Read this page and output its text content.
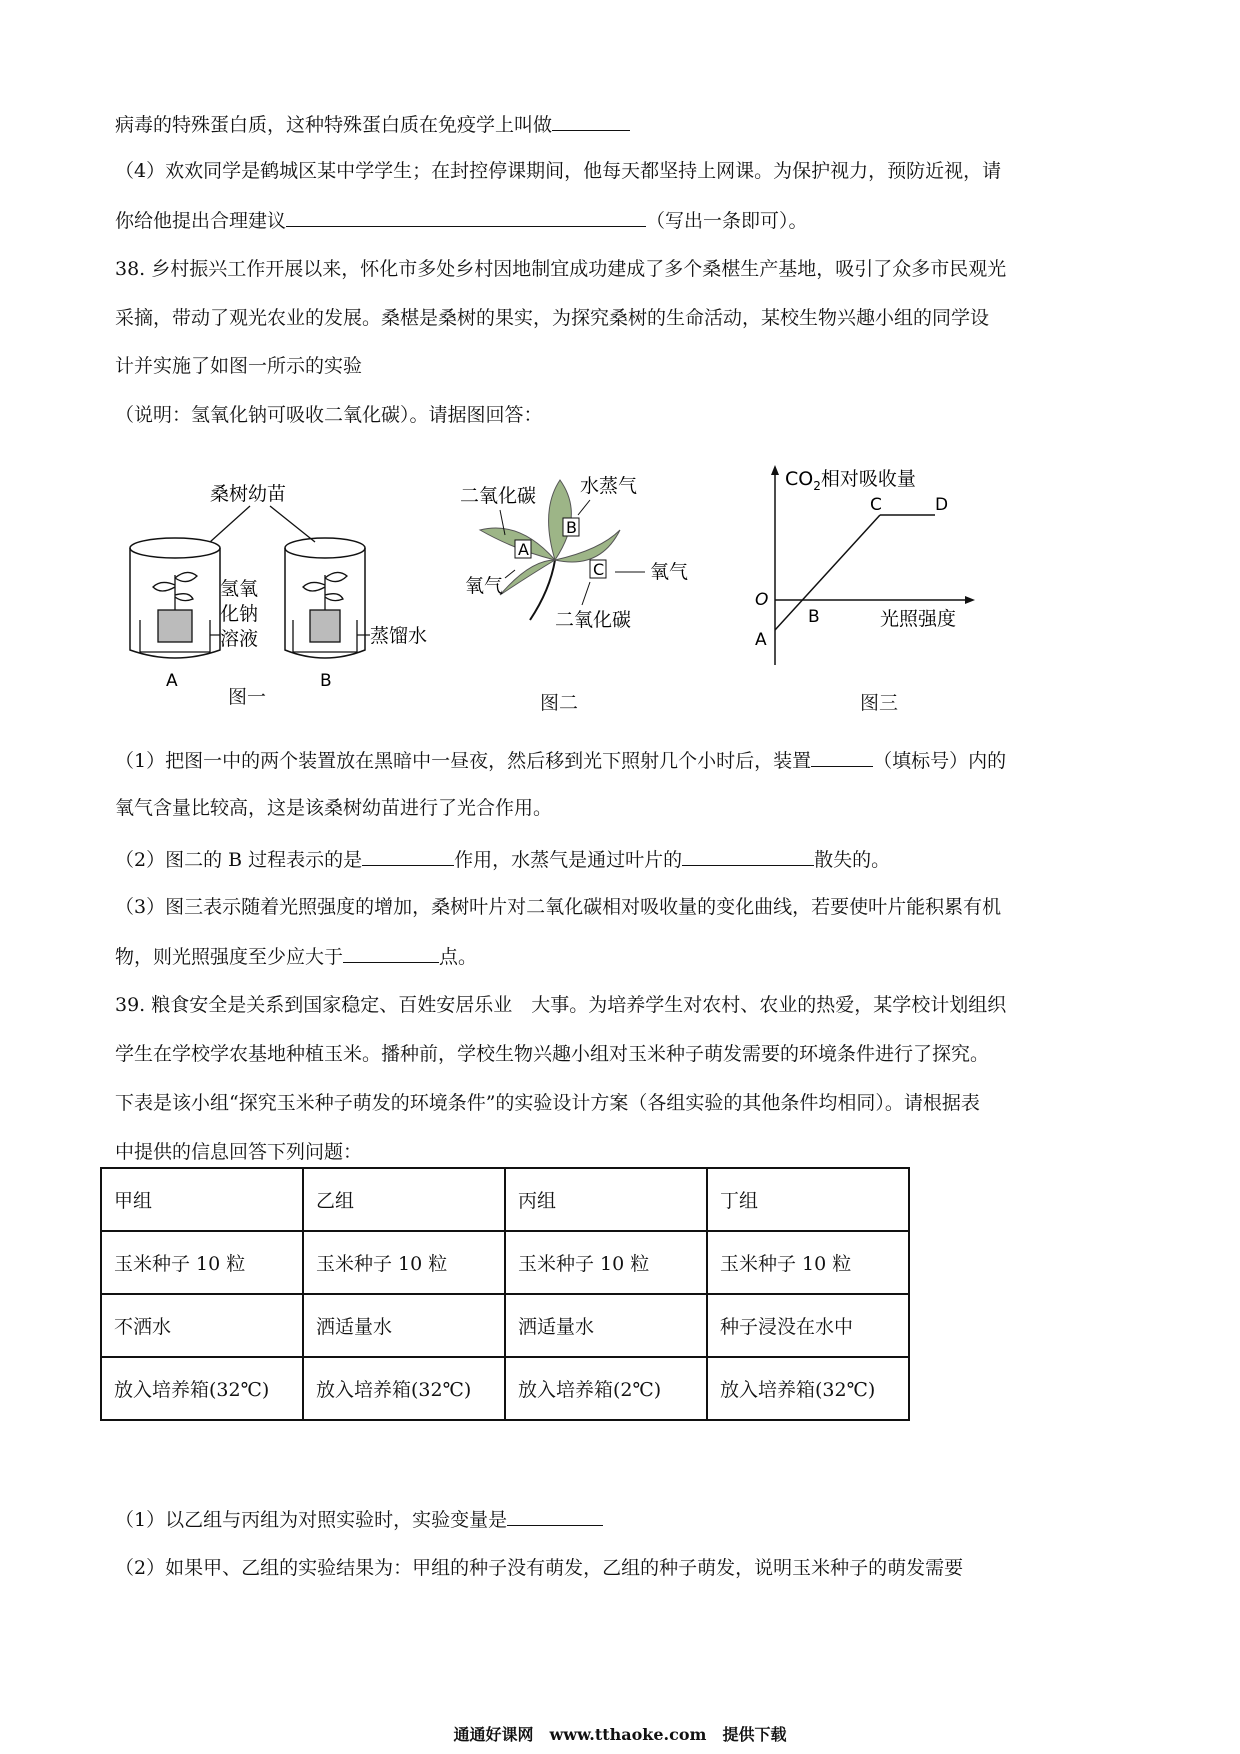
病毒的特殊蛋白质，这种特殊蛋白质在免疫学上叫做
（4）欢欢同学是鹤城区某中学学生；在封控停课期间，他每天都坚持上网课。为保护视力，预防近视，请
你给他提出合理建议	（写出一条即可）。
38. 乡村振兴工作开展以来，怀化市多处乡村因地制宜成功建成了多个桑椹生产基地，吸引了众多市民观光
采摘，带动了观光农业的发展。桑椹是桑树的果实，为探究桑树的生命活动，某校生物兴趣小组的同学设
计并实施了如图一所示的实验
（说明：氢氧化钠可吸收二氧化碳）。请据图回答：
桑树幼苗
氢氧
化钠
溶液
A
蒸馏水
B
图一
二氧化碳 水蒸气
氧气
氧气
二氧化碳
A
B
C
图二
$CO_2$相对吸收量
光照强度
O
A
B
C	D
图三
（1）把图一中的两个装置放在黑暗中一昼夜，然后移到光下照射几个小时后，装置	（填标号）内的
氧气含量比较高，这是该桑树幼苗进行了光合作用。
（2）图二的 B 过程表示的是	作用，水蒸气是通过叶片的	散失的。
（3）图三表示随着光照强度的增加，桑树叶片对二氧化碳相对吸收量的变化曲线，若要使叶片能积累有机
物，则光照强度至少应大于	点。
39. 粮食安全是关系到国家稳定、百姓安居乐业　大事。为培养学生对农村、农业的热爱，某学校计划组织
学生在学校学农基地种植玉米。播种前，学校生物兴趣小组对玉米种子萌发需要的环境条件进行了探究。
下表是该小组“探究玉米种子萌发的环境条件”的实验设计方案（各组实验的其他条件均相同）。请根据表
中提供的信息回答下列问题：
甲组	乙组	丙组	丁组
玉米种子 10 粒	玉米种子 10 粒	玉米种子 10 粒	玉米种子 10 粒
不洒水	洒适量水	洒适量水	种子浸没在水中
放入培养箱(32℃)	放入培养箱(32℃)	放入培养箱(2℃)	放入培养箱(32℃)
（1）以乙组与丙组为对照实验时，实验变量是
（2）如果甲、乙组的实验结果为：甲组的种子没有萌发，乙组的种子萌发，说明玉米种子的萌发需要
通通好课网　www.tthaoke.com　提供下载
